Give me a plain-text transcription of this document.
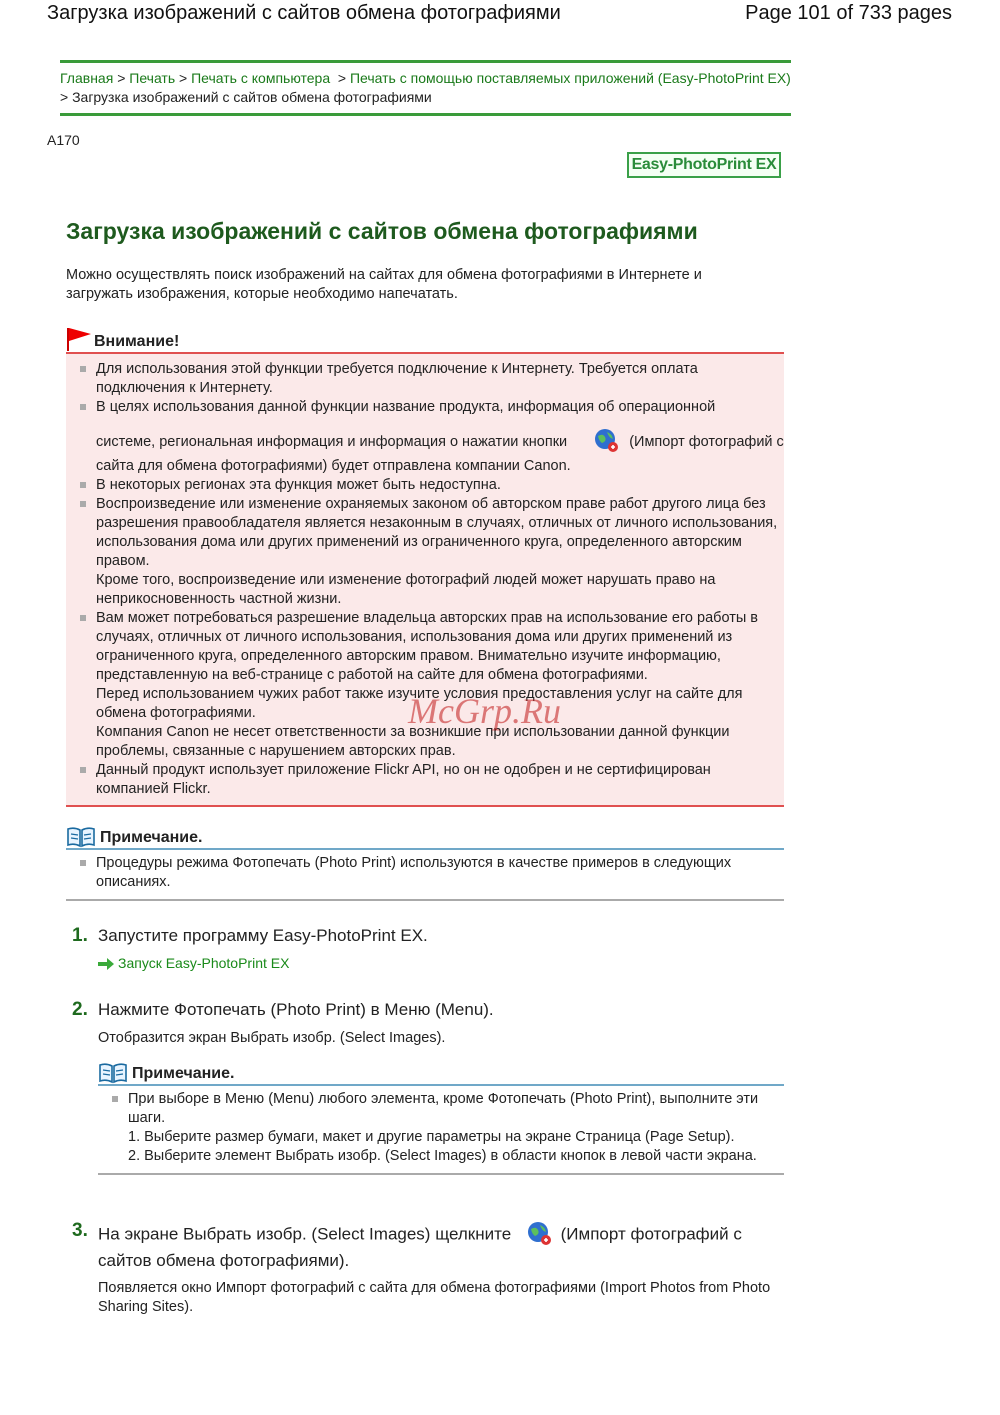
Загрузка изображений с сайтов обмена фотографиями	Page 101 of 733 pages
Главная > Печать > Печать с компьютера > Печать с помощью поставляемых приложений (Easy-PhotoPrint EX) > Загрузка изображений с сайтов обмена фотографиями
A170
Easy-PhotoPrint EX
Загрузка изображений с сайтов обмена фотографиями
Можно осуществлять поиск изображений на сайтах для обмена фотографиями в Интернете и загружать изображения, которые необходимо напечатать.
Внимание!
Для использования этой функции требуется подключение к Интернету. Требуется оплата подключения к Интернету.
В целях использования данной функции название продукта, информация об операционной
системе, региональная информация и информация о нажатии кнопки	(Импорт фотографий с сайта для обмена фотографиями) будет отправлена компании Canon.
В некоторых регионах эта функция может быть недоступна.
Воспроизведение или изменение охраняемых законом об авторском праве работ другого лица без разрешения правообладателя является незаконным в случаях, отличных от личного использования, использования дома или других применений из ограниченного круга, определенного авторским правом.
Кроме того, воспроизведение или изменение фотографий людей может нарушать право на неприкосновенность частной жизни.
Вам может потребоваться разрешение владельца авторских прав на использование его работы в случаях, отличных от личного использования, использования дома или других применений из ограниченного круга, определенного авторским правом. Внимательно изучите информацию, представленную на веб-странице с работой на сайте для обмена фотографиями.
Перед использованием чужих работ также изучите условия предоставления услуг на сайте для обмена фотографиями.
Компания Canon не несет ответственности за возникшие при использовании данной функции проблемы, связанные с нарушением авторских прав.
Данный продукт использует приложение Flickr API, но он не одобрен и не сертифицирован компанией Flickr.
Примечание.
Процедуры режима Фотопечать (Photo Print) используются в качестве примеров в следующих описаниях.
1. Запустите программу Easy-PhotoPrint EX.
Запуск Easy-PhotoPrint EX
2. Нажмите Фотопечать (Photo Print) в Меню (Menu).
Отобразится экран Выбрать изобр. (Select Images).
Примечание.
При выборе в Меню (Menu) любого элемента, кроме Фотопечать (Photo Print), выполните эти шаги.
1. Выберите размер бумаги, макет и другие параметры на экране Страница (Page Setup).
2. Выберите элемент Выбрать изобр. (Select Images) в области кнопок в левой части экрана.
3. На экране Выбрать изобр. (Select Images) щелкните	(Импорт фотографий с сайтов обмена фотографиями).
Появляется окно Импорт фотографий с сайта для обмена фотографиями (Import Photos from Photo Sharing Sites).
McGrp.Ru
